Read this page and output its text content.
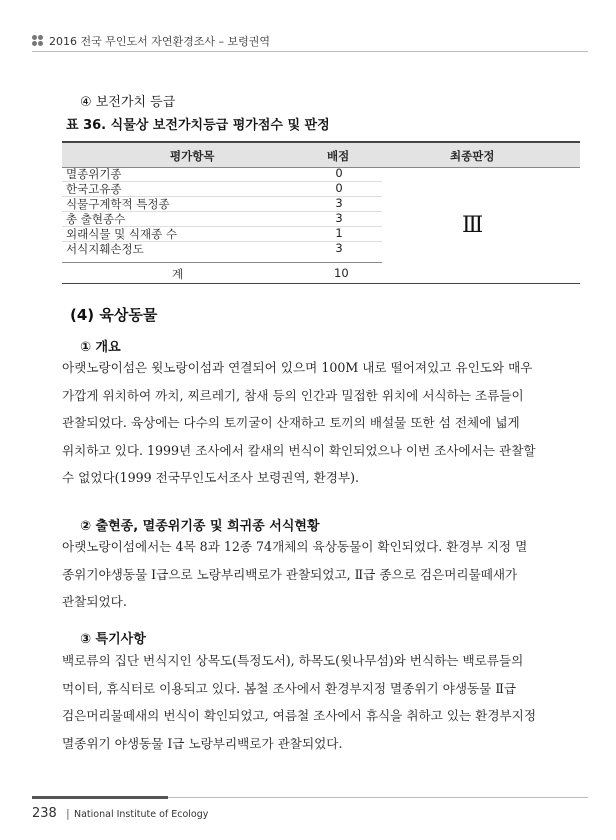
2016 전국 무인도서 자연환경조사 – 보령권역
④ 보전가치 등급
표 36. 식물상 보전가치등급 평가점수 및 판정
평가항목	배점	최종판정
멸종위기종	0
한국고유종	0
식물구계학적 특정종	3
총 출현종수	3
외래식물 및 식재종 수	1
서식지훼손정도	3
Ⅲ
계	10
(4) 육상동물
① 개요
아랫노랑이섬은 윗노랑이섬과 연결되어 있으며 100M 내로 떨어져있고 유인도와 매우
가깝게 위치하여 까치, 찌르레기, 참새 등의 인간과 밀접한 위치에 서식하는 조류들이
관찰되었다. 육상에는 다수의 토끼굴이 산재하고 토끼의 배설물 또한 섬 전체에 넓게
위치하고 있다. 1999년 조사에서 칼새의 번식이 확인되었으나 이번 조사에서는 관찰할
수 없었다(1999 전국무인도서조사 보령권역, 환경부).
② 출현종, 멸종위기종 및 희귀종 서식현황
아랫노랑이섬에서는 4목 8과 12종 74개체의 육상동물이 확인되었다. 환경부 지정 멸
종위기야생동물 Ⅰ급으로 노랑부리백로가 관찰되었고, Ⅱ급 종으로 검은머리물떼새가
관찰되었다.
③ 특기사항
백로류의 집단 번식지인 상목도(특정도서), 하목도(윗나무섬)와 번식하는 백로류들의
먹이터, 휴식터로 이용되고 있다. 봄철 조사에서 환경부지정 멸종위기 야생동물 Ⅱ급
검은머리물떼새의 번식이 확인되었고, 여름철 조사에서 휴식을 취하고 있는 환경부지정
멸종위기 야생동물 Ⅰ급 노랑부리백로가 관찰되었다.
238 | National Institute of Ecology
